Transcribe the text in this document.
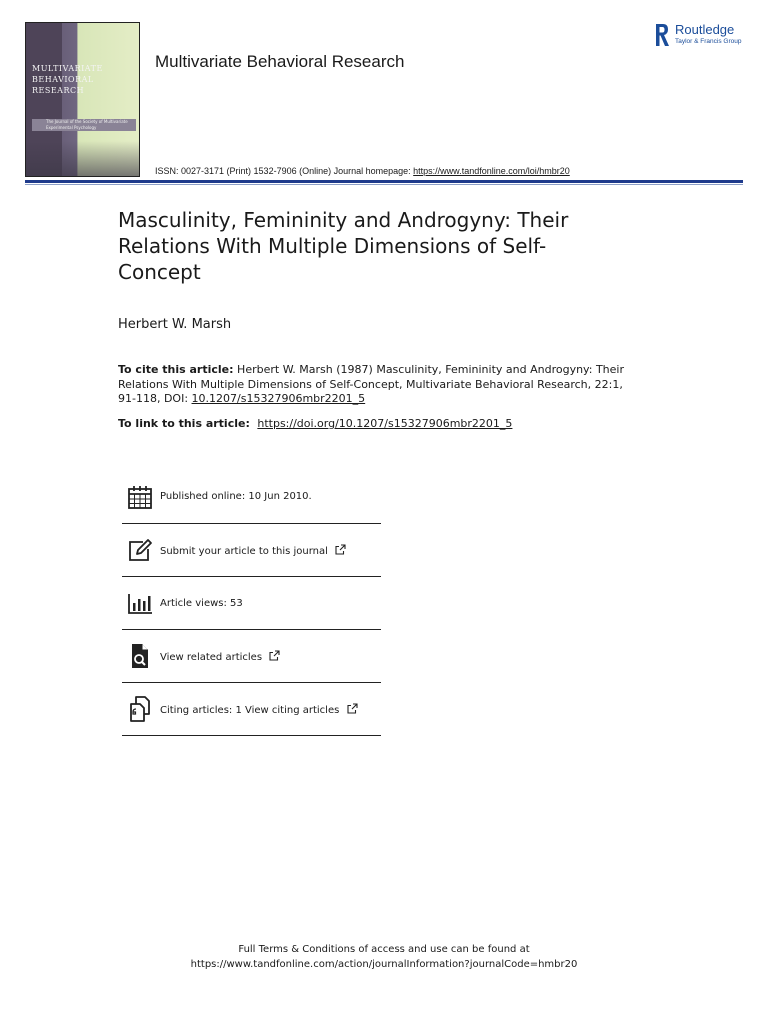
MULTIVARIATE
BEHAVIORAL
RESEARCH
The Journal of the Society of Multivariate Experimental Psychology
Multivariate Behavioral Research
Routledge
Taylor & Francis Group
ISSN: 0027-3171 (Print) 1532-7906 (Online) Journal homepage: https://www.tandfonline.com/loi/hmbr20
Masculinity, Femininity and Androgyny: Their Relations With Multiple Dimensions of Self-Concept
Herbert W. Marsh
To cite this article: Herbert W. Marsh (1987) Masculinity, Femininity and Androgyny: Their Relations With Multiple Dimensions of Self-Concept, Multivariate Behavioral Research, 22:1, 91-118, DOI: 10.1207/s15327906mbr2201_5
To link to this article: https://doi.org/10.1207/s15327906mbr2201_5
Published online: 10 Jun 2010.
Submit your article to this journal
Article views: 53
View related articles
Citing articles: 1 View citing articles
Full Terms & Conditions of access and use can be found at
https://www.tandfonline.com/action/journalInformation?journalCode=hmbr20
